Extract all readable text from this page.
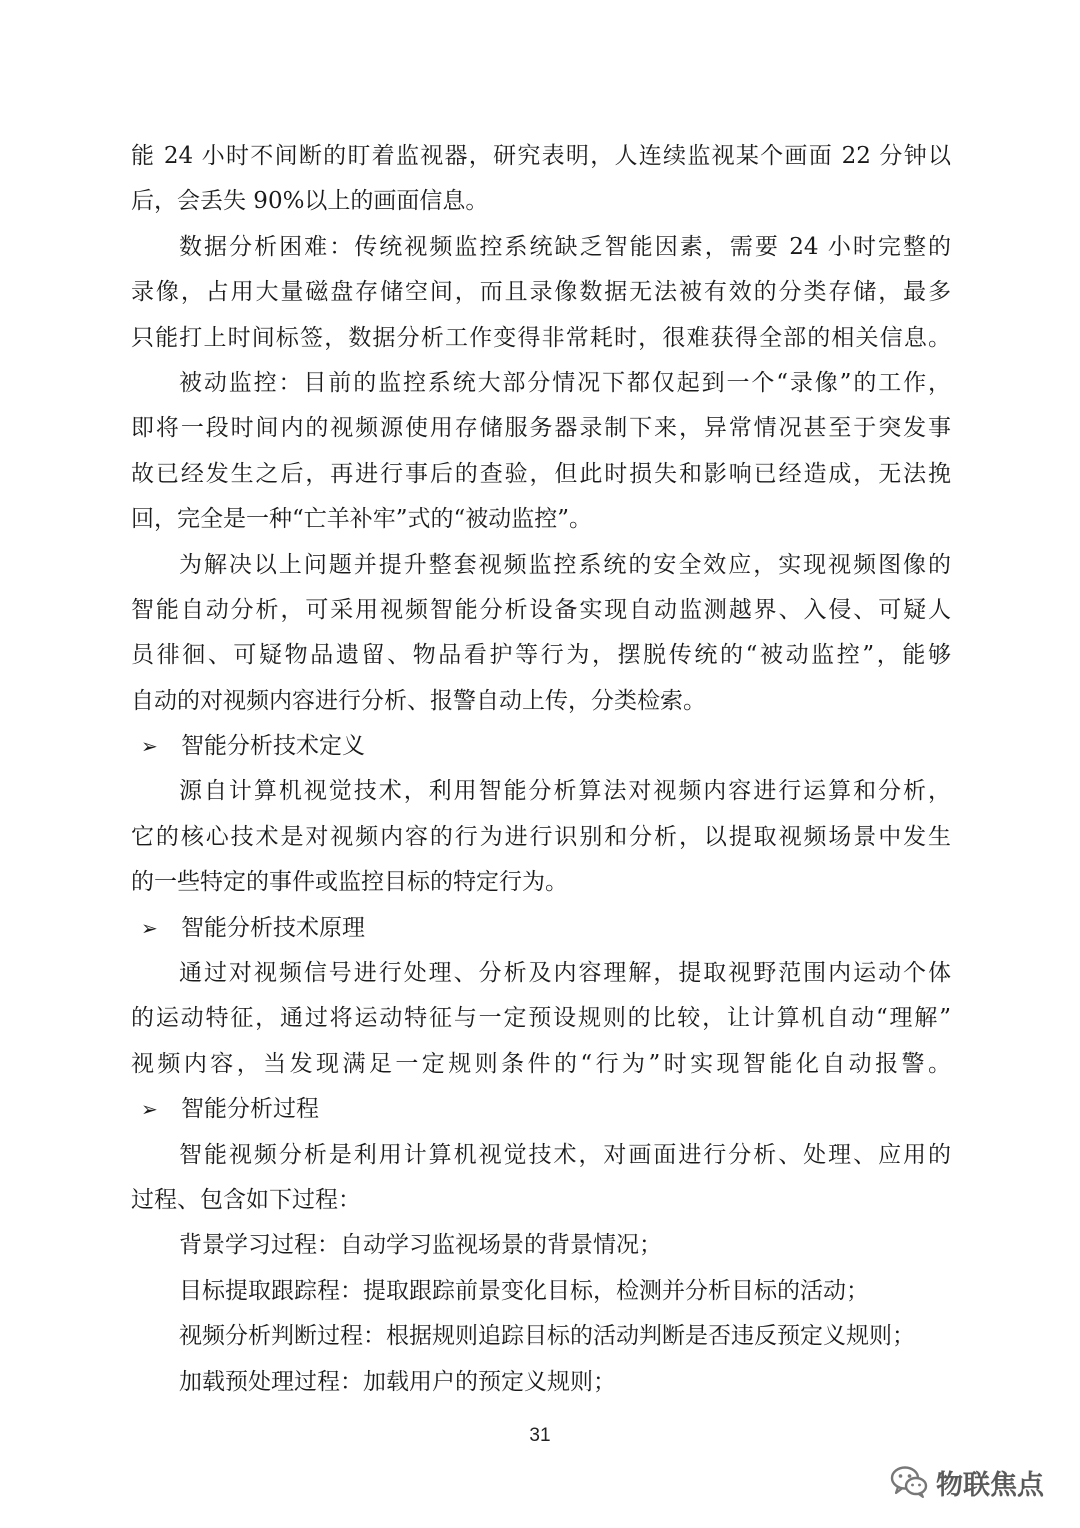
能 24 小时不间断的盯着监视器，研究表明，人连续监视某个画面 22 分钟以
后，会丢失 90%以上的画面信息。
数据分析困难：传统视频监控系统缺乏智能因素，需要 24 小时完整的
录像，占用大量磁盘存储空间，而且录像数据无法被有效的分类存储，最多
只能打上时间标签，数据分析工作变得非常耗时，很难获得全部的相关信息。
被动监控：目前的监控系统大部分情况下都仅起到一个“录像”的工作，
即将一段时间内的视频源使用存储服务器录制下来，异常情况甚至于突发事
故已经发生之后，再进行事后的查验，但此时损失和影响已经造成，无法挽
回，完全是一种“亡羊补牢”式的“被动监控”。
为解决以上问题并提升整套视频监控系统的安全效应，实现视频图像的
智能自动分析，可采用视频智能分析设备实现自动监测越界、入侵、可疑人
员徘徊、可疑物品遗留、物品看护等行为，摆脱传统的“被动监控”，能够
自动的对视频内容进行分析、报警自动上传，分类检索。
➢ 智能分析技术定义
源自计算机视觉技术，利用智能分析算法对视频内容进行运算和分析，
它的核心技术是对视频内容的行为进行识别和分析，以提取视频场景中发生
的一些特定的事件或监控目标的特定行为。
➢ 智能分析技术原理
通过对视频信号进行处理、分析及内容理解，提取视野范围内运动个体
的运动特征，通过将运动特征与一定预设规则的比较，让计算机自动“理解”
视频内容，当发现满足一定规则条件的“行为”时实现智能化自动报警。
➢ 智能分析过程
智能视频分析是利用计算机视觉技术，对画面进行分析、处理、应用的
过程、包含如下过程：
背景学习过程：自动学习监视场景的背景情况；
目标提取跟踪程：提取跟踪前景变化目标，检测并分析目标的活动；
视频分析判断过程：根据规则追踪目标的活动判断是否违反预定义规则；
加载预处理过程：加载用户的预定义规则；
31
物联焦点
